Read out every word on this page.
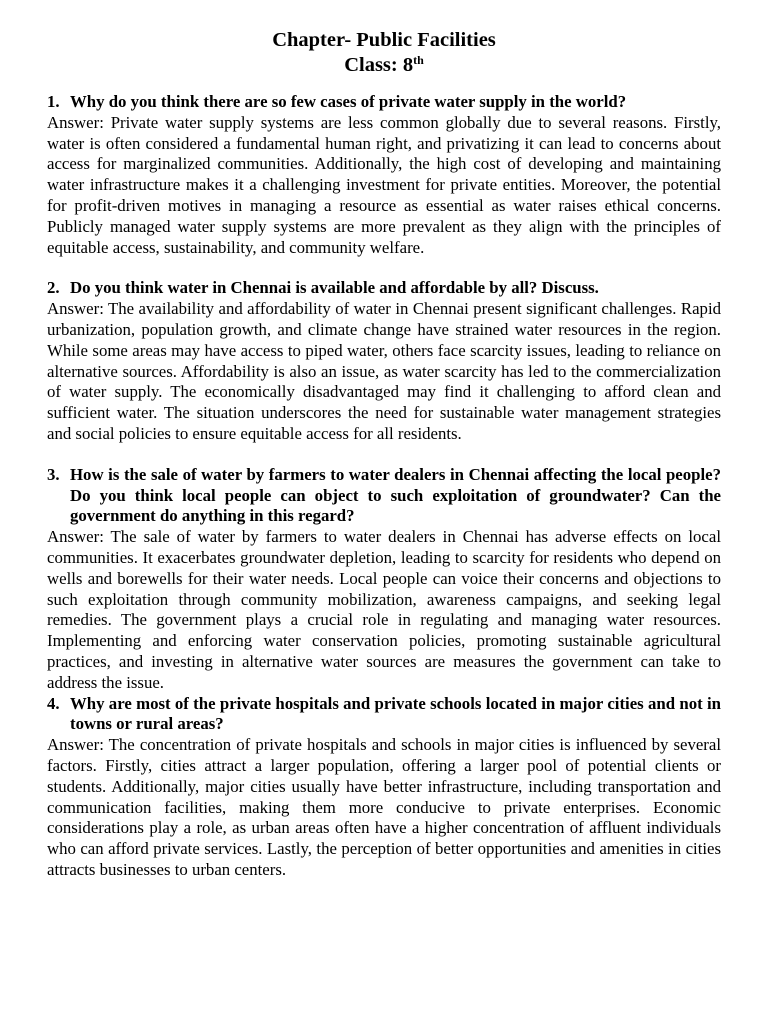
Chapter- Public Facilities
Class: 8th
1. Why do you think there are so few cases of private water supply in the world?
Answer: Private water supply systems are less common globally due to several reasons. Firstly, water is often considered a fundamental human right, and privatizing it can lead to concerns about access for marginalized communities. Additionally, the high cost of developing and maintaining water infrastructure makes it a challenging investment for private entities. Moreover, the potential for profit-driven motives in managing a resource as essential as water raises ethical concerns. Publicly managed water supply systems are more prevalent as they align with the principles of equitable access, sustainability, and community welfare.
2. Do you think water in Chennai is available and affordable by all? Discuss.
Answer: The availability and affordability of water in Chennai present significant challenges. Rapid urbanization, population growth, and climate change have strained water resources in the region. While some areas may have access to piped water, others face scarcity issues, leading to reliance on alternative sources. Affordability is also an issue, as water scarcity has led to the commercialization of water supply. The economically disadvantaged may find it challenging to afford clean and sufficient water. The situation underscores the need for sustainable water management strategies and social policies to ensure equitable access for all residents.
3. How is the sale of water by farmers to water dealers in Chennai affecting the local people? Do you think local people can object to such exploitation of groundwater? Can the government do anything in this regard?
Answer: The sale of water by farmers to water dealers in Chennai has adverse effects on local communities. It exacerbates groundwater depletion, leading to scarcity for residents who depend on wells and borewells for their water needs. Local people can voice their concerns and objections to such exploitation through community mobilization, awareness campaigns, and seeking legal remedies. The government plays a crucial role in regulating and managing water resources. Implementing and enforcing water conservation policies, promoting sustainable agricultural practices, and investing in alternative water sources are measures the government can take to address the issue.
4. Why are most of the private hospitals and private schools located in major cities and not in towns or rural areas?
Answer: The concentration of private hospitals and schools in major cities is influenced by several factors. Firstly, cities attract a larger population, offering a larger pool of potential clients or students. Additionally, major cities usually have better infrastructure, including transportation and communication facilities, making them more conducive to private enterprises. Economic considerations play a role, as urban areas often have a higher concentration of affluent individuals who can afford private services. Lastly, the perception of better opportunities and amenities in cities attracts businesses to urban centers.
